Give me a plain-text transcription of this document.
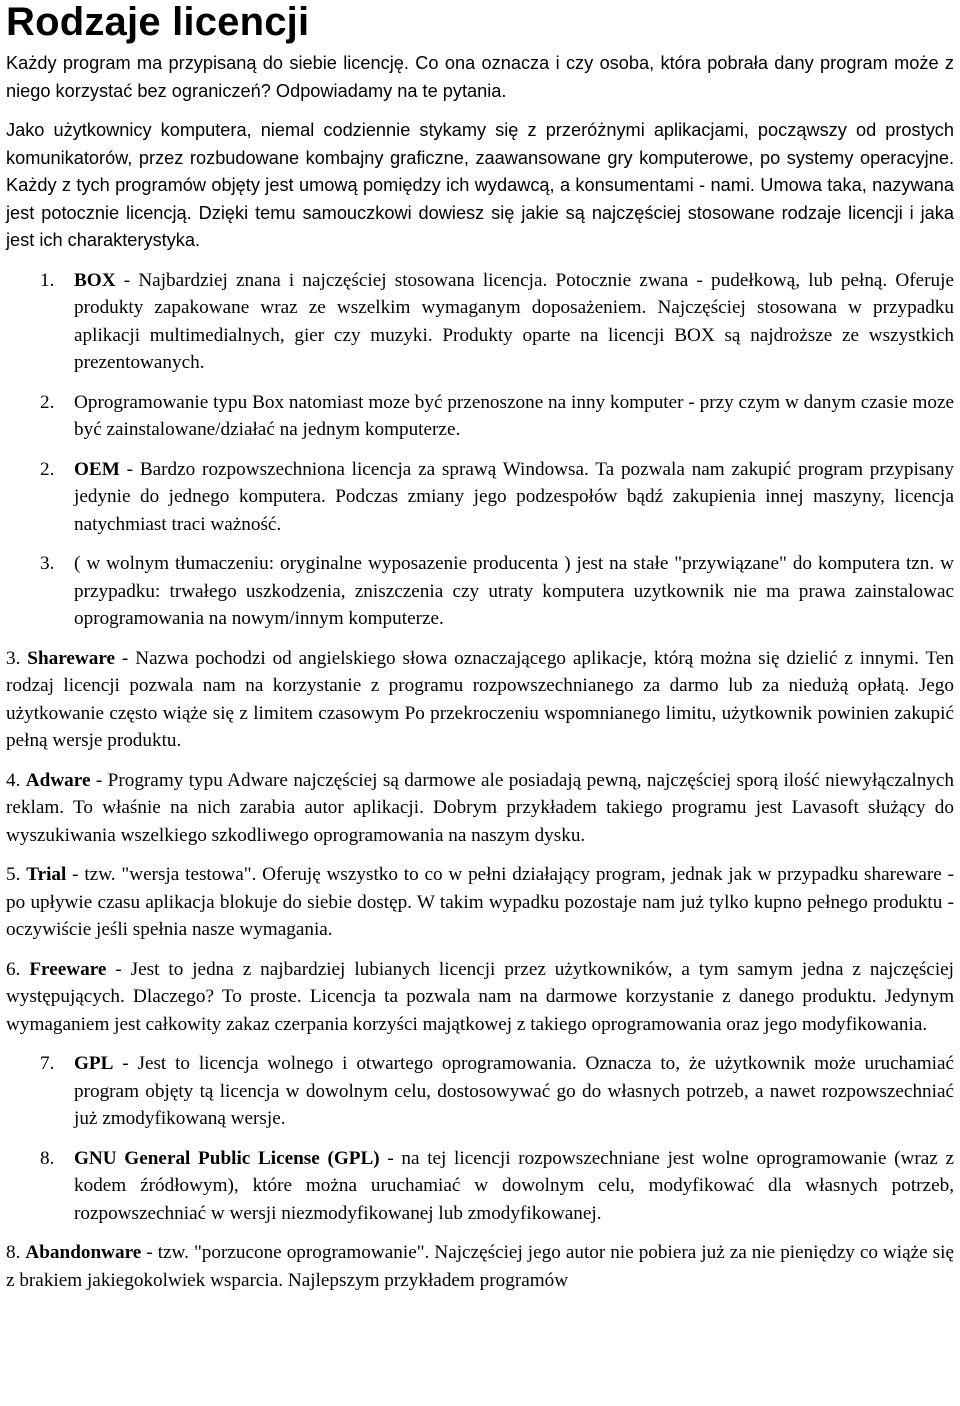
Rodzaje licencji

Każdy program ma przypisaną do siebie licencję. Co ona oznacza i czy osoba, która pobrała dany program może z niego korzystać bez ograniczeń? Odpowiadamy na te pytania.

Jako użytkownicy komputera, niemal codziennie stykamy się z przeróżnymi aplikacjami, począwszy od prostych komunikatorów, przez rozbudowane kombajny graficzne, zaawansowane gry komputerowe, po systemy operacyjne. Każdy z tych programów objęty jest umową pomiędzy ich wydawcą, a konsumentami - nami. Umowa taka, nazywana jest potocznie licencją. Dzięki temu samouczkowi dowiesz się jakie są najczęściej stosowane rodzaje licencji i jaka jest ich charakterystyka.

1. BOX - Najbardziej znana i najczęściej stosowana licencja. Potocznie zwana - pudełkową, lub pełną. Oferuje produkty zapakowane wraz ze wszelkim wymaganym doposażeniem. Najczęściej stosowana w przypadku aplikacji multimedialnych, gier czy muzyki. Produkty oparte na licencji BOX są najdroższe ze wszystkich prezentowanych.
2. Oprogramowanie typu Box natomiast moze być przenoszone na inny komputer - przy czym w danym czasie moze być zainstalowane/działać na jednym komputerze.
2. OEM - Bardzo rozpowszechniona licencja za sprawą Windowsa. Ta pozwala nam zakupić program przypisany jedynie do jednego komputera. Podczas zmiany jego podzespołów bądź zakupienia innej maszyny, licencja natychmiast traci ważność.
3. ( w wolnym tłumaczeniu: oryginalne wyposazenie producenta ) jest na stałe "przywiązane" do komputera tzn. w przypadku: trwałego uszkodzenia, zniszczenia czy utraty komputera uzytkownik nie ma prawa zainstalowac oprogramowania na nowym/innym komputerze.

3. Shareware - Nazwa pochodzi od angielskiego słowa oznaczającego aplikacje, którą można się dzielić z innymi. Ten rodzaj licencji pozwala nam na korzystanie z programu rozpowszechnianego za darmo lub za niedużą opłatą. Jego użytkowanie często wiąże się z limitem czasowym Po przekroczeniu wspomnianego limitu, użytkownik powinien zakupić pełną wersje produktu.

4. Adware - Programy typu Adware najczęściej są darmowe ale posiadają pewną, najczęściej sporą ilość niewyłączalnych reklam. To właśnie na nich zarabia autor aplikacji. Dobrym przykładem takiego programu jest Lavasoft służący do wyszukiwania wszelkiego szkodliwego oprogramowania na naszym dysku.

5. Trial - tzw. "wersja testowa". Oferuję wszystko to co w pełni działający program, jednak jak w przypadku shareware -po upływie czasu aplikacja blokuje do siebie dostęp. W takim wypadku pozostaje nam już tylko kupno pełnego produktu - oczywiście jeśli spełnia nasze wymagania.

6. Freeware - Jest to jedna z najbardziej lubianych licencji przez użytkowników, a tym samym jedna z najczęściej występujących. Dlaczego? To proste. Licencja ta pozwala nam na darmowe korzystanie z danego produktu. Jedynym wymaganiem jest całkowity zakaz czerpania korzyści majątkowej z takiego oprogramowania oraz jego modyfikowania.

7. GPL - Jest to licencja wolnego i otwartego oprogramowania. Oznacza to, że użytkownik może uruchamiać program objęty tą licencja w dowolnym celu, dostosowywać go do własnych potrzeb, a nawet rozpowszechniać już zmodyfikowaną wersje.
8. GNU General Public License (GPL) - na tej licencji rozpowszechniane jest wolne oprogramowanie (wraz z kodem źródłowym), które można uruchamiać w dowolnym celu, modyfikować dla własnych potrzeb, rozpowszechniać w wersji niezmodyfikowanej lub zmodyfikowanej.

8. Abandonware - tzw. "porzucone oprogramowanie". Najczęściej jego autor nie pobiera już za nie pieniędzy co wiąże się z brakiem jakiegokolwiek wsparcia. Najlepszym przykładem programów
